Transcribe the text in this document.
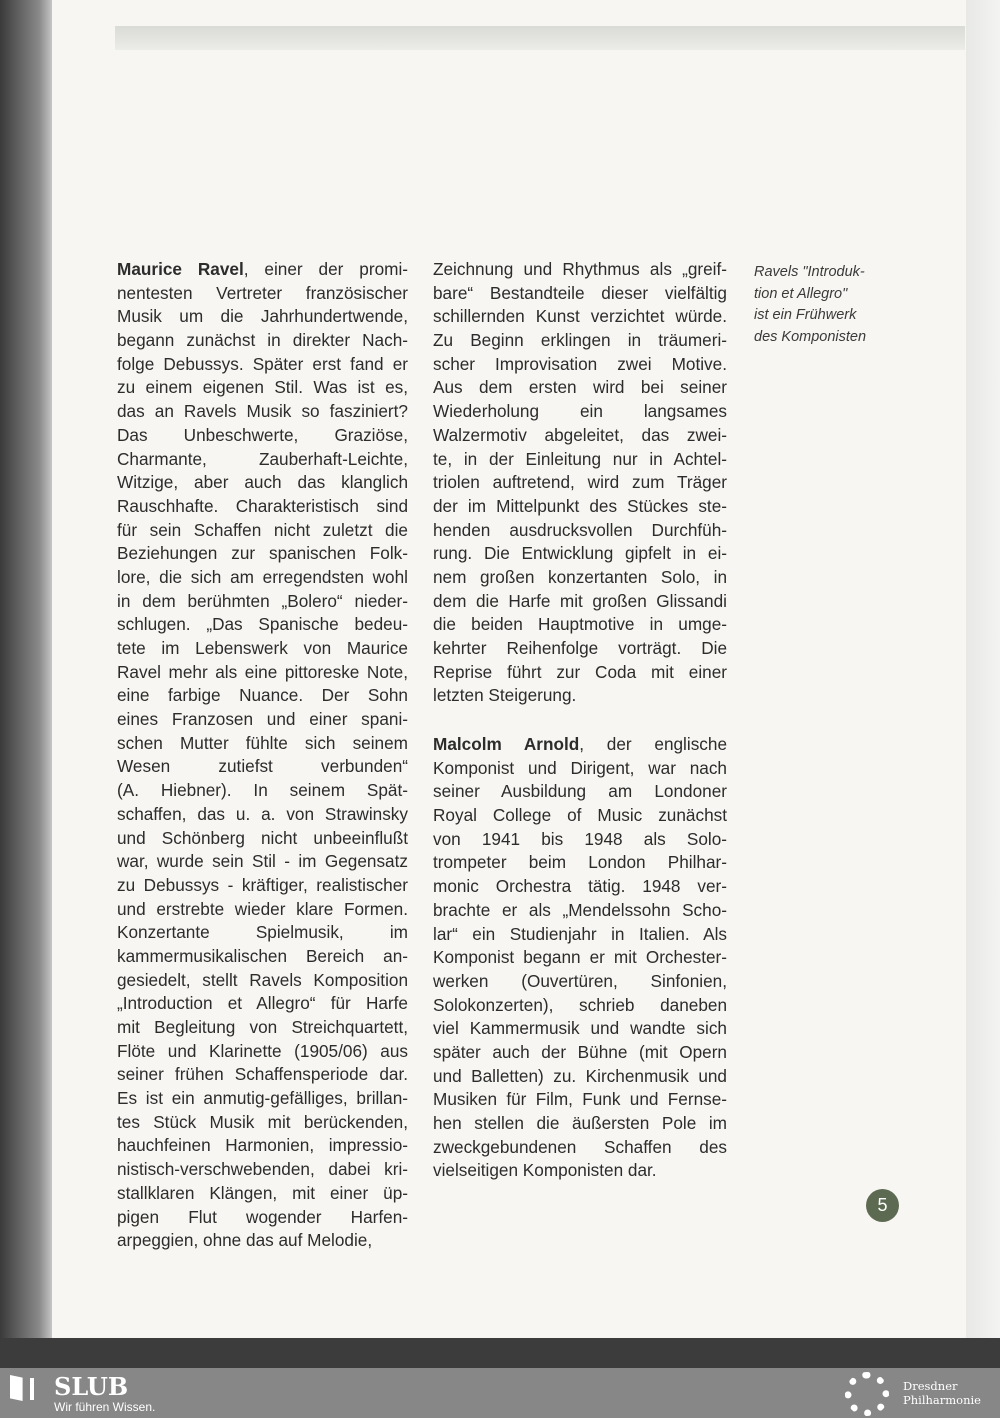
Maurice Ravel, einer der promi-
nentesten Vertreter französischer
Musik um die Jahrhundertwende,
begann zunächst in direkter Nach-
folge Debussys. Später erst fand er
zu einem eigenen Stil. Was ist es,
das an Ravels Musik so fasziniert?
Das Unbeschwerte, Graziöse,
Charmante, Zauberhaft-Leichte,
Witzige, aber auch das klanglich
Rauschhafte. Charakteristisch sind
für sein Schaffen nicht zuletzt die
Beziehungen zur spanischen Folk-
lore, die sich am erregendsten wohl
in dem berühmten „Bolero“ nieder-
schlugen. „Das Spanische bedeu-
tete im Lebenswerk von Maurice
Ravel mehr als eine pittoreske Note,
eine farbige Nuance. Der Sohn
eines Franzosen und einer spani-
schen Mutter fühlte sich seinem
Wesen zutiefst verbunden“
(A. Hiebner). In seinem Spät-
schaffen, das u. a. von Strawinsky
und Schönberg nicht unbeeinflußt
war, wurde sein Stil - im Gegensatz
zu Debussys - kräftiger, realistischer
und erstrebte wieder klare Formen.
Konzertante Spielmusik, im
kammermusikalischen Bereich an-
gesiedelt, stellt Ravels Komposition
„Introduction et Allegro“ für Harfe
mit Begleitung von Streichquartett,
Flöte und Klarinette (1905/06) aus
seiner frühen Schaffensperiode dar.
Es ist ein anmutig-gefälliges, brillan-
tes Stück Musik mit berückenden,
hauchfeinen Harmonien, impressio-
nistisch-verschwebenden, dabei kri-
stallklaren Klängen, mit einer üp-
pigen Flut wogender Harfen-
arpeggien, ohne das auf Melodie,
Zeichnung und Rhythmus als „greif-
bare“ Bestandteile dieser vielfältig
schillernden Kunst verzichtet würde.
Zu Beginn erklingen in träumeri-
scher Improvisation zwei Motive.
Aus dem ersten wird bei seiner
Wiederholung ein langsames
Walzermotiv abgeleitet, das zwei-
te, in der Einleitung nur in Achtel-
triolen auftretend, wird zum Träger
der im Mittelpunkt des Stückes ste-
henden ausdrucksvollen Durchfüh-
rung. Die Entwicklung gipfelt in ei-
nem großen konzertanten Solo, in
dem die Harfe mit großen Glissandi
die beiden Hauptmotive in umge-
kehrter Reihenfolge vorträgt. Die
Reprise führt zur Coda mit einer
letzten Steigerung.
Malcolm Arnold, der englische
Komponist und Dirigent, war nach
seiner Ausbildung am Londoner
Royal College of Music zunächst
von 1941 bis 1948 als Solo-
trompeter beim London Philhar-
monic Orchestra tätig. 1948 ver-
brachte er als „Mendelssohn Scho-
lar“ ein Studienjahr in Italien. Als
Komponist begann er mit Orchester-
werken (Ouvertüren, Sinfonien,
Solokonzerten), schrieb daneben
viel Kammermusik und wandte sich
später auch der Bühne (mit Opern
und Balletten) zu. Kirchenmusik und
Musiken für Film, Funk und Fernse-
hen stellen die äußersten Pole im
zweckgebundenen Schaffen des
vielseitigen Komponisten dar.
Ravels "Introduk-
tion et Allegro"
ist ein Frühwerk
des Komponisten
5
SLUB
Wir führen Wissen.
Dresdner
Philharmonie
